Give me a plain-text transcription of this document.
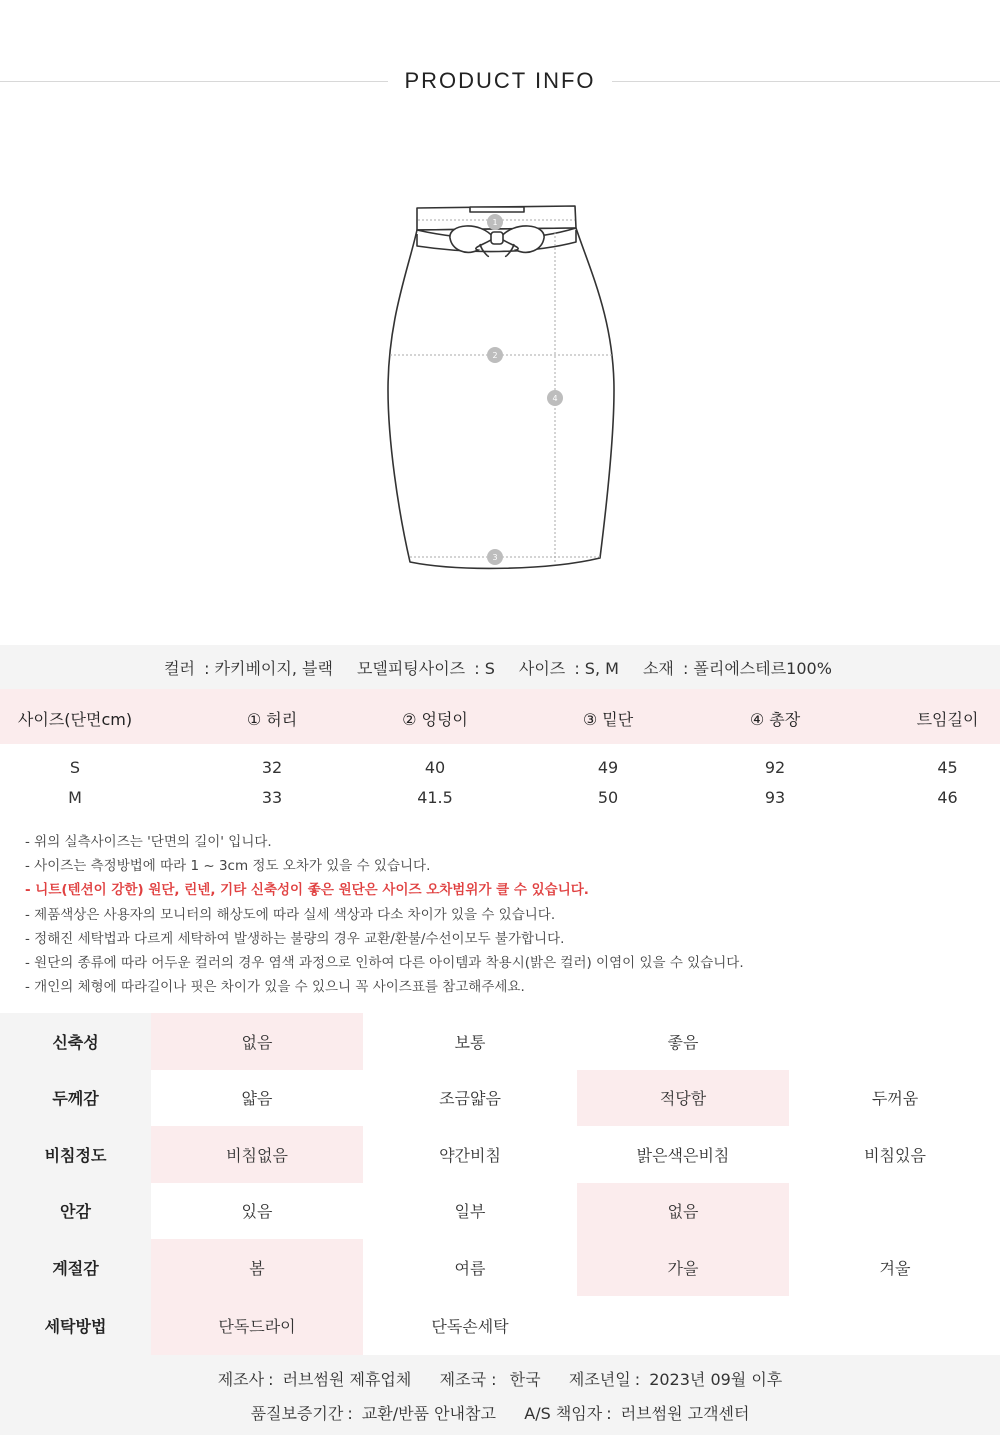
PRODUCT INFO
1
2
3
4
컬러 : 카키베이지, 블랙 모델피팅사이즈 : S 사이즈 : S, M 소재 : 폴리에스테르100%
사이즈(단면cm)	① 허리	② 엉덩이	③ 밑단	④ 총장	트임길이
S	32	40	49	92	45
M	33	41.5	50	93	46
- 위의 실측사이즈는 '단면의 길이' 입니다.
- 사이즈는 측정방법에 따라 1 ~ 3cm 정도 오차가 있을 수 있습니다.
- 니트(텐션이 강한) 원단, 린넨, 기타 신축성이 좋은 원단은 사이즈 오차범위가 클 수 있습니다.
- 제품색상은 사용자의 모니터의 해상도에 따라 실세 색상과 다소 차이가 있을 수 있습니다.
- 정해진 세탁법과 다르게 세탁하여 발생하는 불량의 경우 교환/환불/수선이모두 불가합니다.
- 원단의 종류에 따라 어두운 컬러의 경우 염색 과정으로 인하여 다른 아이템과 착용시(밝은 컬러) 이염이 있을 수 있습니다.
- 개인의 체형에 따라길이나 핏은 차이가 있을 수 있으니 꼭 사이즈표를 참고해주세요.
신축성	없음	보통	좋음
두께감	얇음	조금얇음	적당함	두꺼움
비침정도	비침없음	약간비침	밝은색은비침	비침있음
안감	있음	일부	없음
계절감	봄	여름	가을	겨울
세탁방법	단독드라이	단독손세탁
제조사 : 러브썸원 제휴업체 제조국 : 한국 제조년일 : 2023년 09월 이후
품질보증기간 : 교환/반품 안내참고 A/S 책임자 : 러브썸원 고객센터
